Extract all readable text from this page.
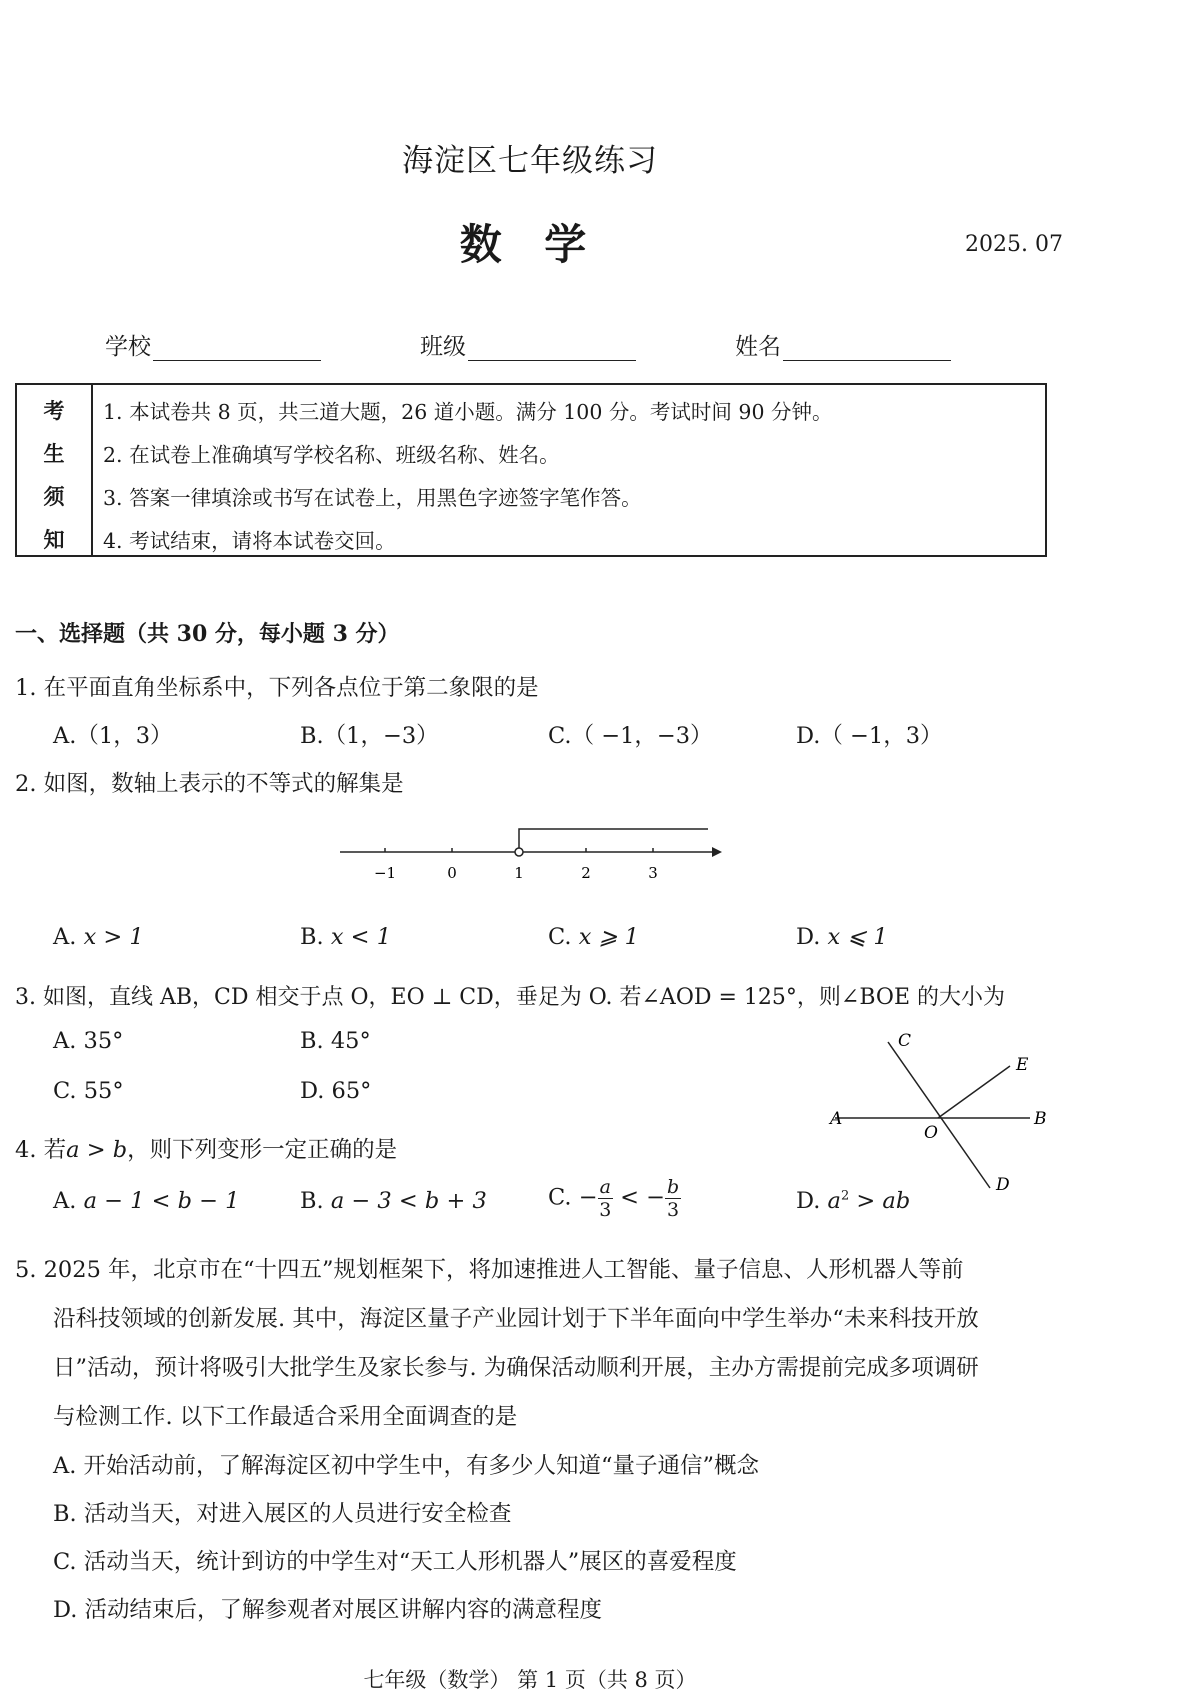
海淀区七年级练习
数 学	2025. 07
学校	班级	姓名
考
生
须
知
1. 本试卷共 8 页，共三道大题，26 道小题。满分 100 分。考试时间 90 分钟。
2. 在试卷上准确填写学校名称、班级名称、姓名。
3. 答案一律填涂或书写在试卷上，用黑色字迹签字笔作答。
4. 考试结束，请将本试卷交回。
一、选择题（共 30 分，每小题 3 分）
1. 在平面直角坐标系中，下列各点位于第二象限的是
A.（1，3）	B.（1，−3）	C.（ −1，−3）	D.（ −1，3）
2. 如图，数轴上表示的不等式的解集是
−1	0	1	2	3
A. x > 1	B. x < 1	C. x ⩾ 1	D. x ⩽ 1
3. 如图，直线 AB，CD 相交于点 O，EO ⊥ CD，垂足为 O. 若∠AOD = 125°，则∠BOE 的大小为
A. 35°	B. 45°
C. 55°	D. 65°
C
E
A	B
O
D
4. 若a > b，则下列变形一定正确的是
A. a − 1 < b − 1	B. a − 3 < b + 3	C. − $\frac{a}{3}$ < − $\frac{b}{3}$	D. $a^2$ > ab
5. 2025 年，北京市在“十四五”规划框架下，将加速推进人工智能、量子信息、人形机器人等前
沿科技领域的创新发展. 其中，海淀区量子产业园计划于下半年面向中学生举办“未来科技开放
日”活动，预计将吸引大批学生及家长参与. 为确保活动顺利开展，主办方需提前完成多项调研
与检测工作. 以下工作最适合采用全面调查的是
A. 开始活动前，了解海淀区初中学生中，有多少人知道“量子通信”概念
B. 活动当天，对进入展区的人员进行安全检查
C. 活动当天，统计到访的中学生对“天工人形机器人”展区的喜爱程度
D. 活动结束后，了解参观者对展区讲解内容的满意程度
七年级（数学） 第 1 页（共 8 页）
